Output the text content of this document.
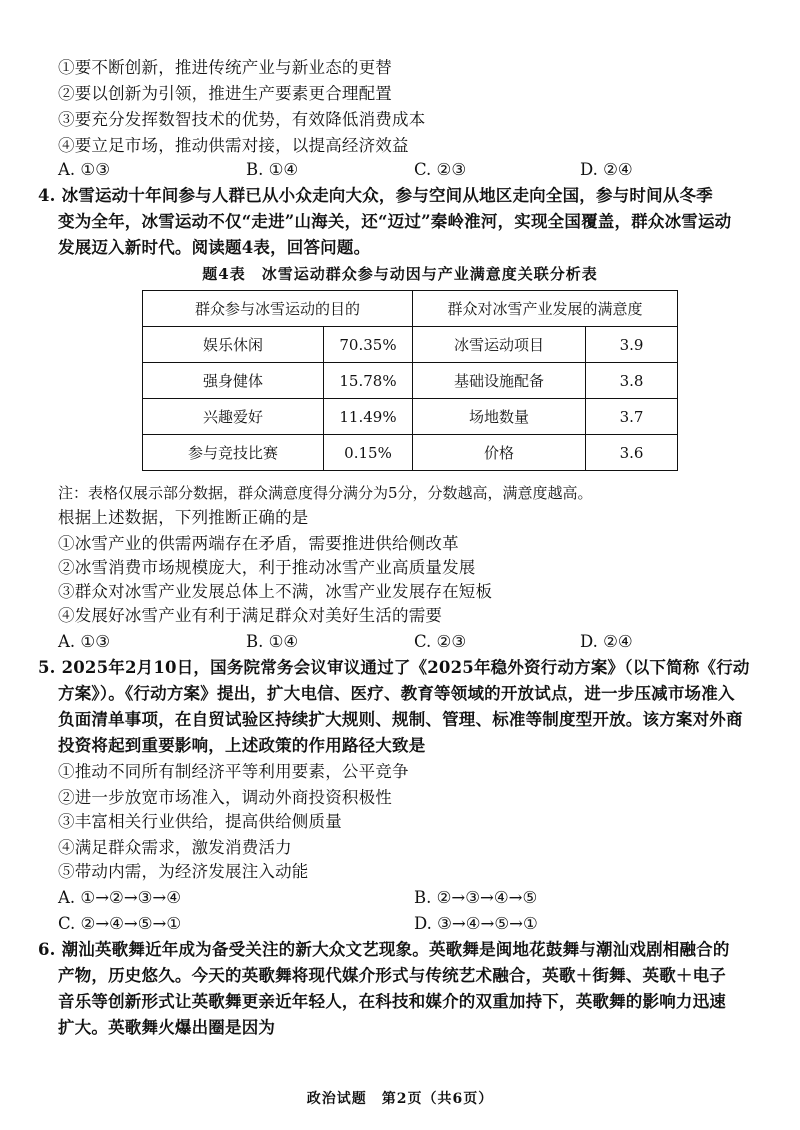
①要不断创新，推进传统产业与新业态的更替
②要以创新为引领，推进生产要素更合理配置
③要充分发挥数智技术的优势，有效降低消费成本
④要立足市场，推动供需对接，以提高经济效益
A. ①③	B. ①④	C. ②③	D. ②④
4. 冰雪运动十年间参与人群已从小众走向大众，参与空间从地区走向全国，参与时间从冬季
变为全年，冰雪运动不仅“走进”山海关，还“迈过”秦岭淮河，实现全国覆盖，群众冰雪运动
发展迈入新时代。阅读题4表，回答问题。
题4表　冰雪运动群众参与动因与产业满意度关联分析表
群众参与冰雪运动的目的		群众对冰雪产业发展的满意度	
娱乐休闲	70.35%	冰雪运动项目	3.9
强身健体	15.78%	基础设施配备	3.8
兴趣爱好	11.49%	场地数量	3.7
参与竞技比赛	0.15%	价格	3.6
注：表格仅展示部分数据，群众满意度得分满分为5分，分数越高，满意度越高。
根据上述数据，下列推断正确的是
①冰雪产业的供需两端存在矛盾，需要推进供给侧改革
②冰雪消费市场规模庞大，利于推动冰雪产业高质量发展
③群众对冰雪产业发展总体上不满，冰雪产业发展存在短板
④发展好冰雪产业有利于满足群众对美好生活的需要
A. ①③	B. ①④	C. ②③	D. ②④
5. 2025年2月10日，国务院常务会议审议通过了《2025年稳外资行动方案》（以下简称《行动
方案》）。《行动方案》提出，扩大电信、医疗、教育等领域的开放试点，进一步压减市场准入
负面清单事项，在自贸试验区持续扩大规则、规制、管理、标准等制度型开放。该方案对外商
投资将起到重要影响，上述政策的作用路径大致是
①推动不同所有制经济平等利用要素，公平竞争
②进一步放宽市场准入，调动外商投资积极性
③丰富相关行业供给，提高供给侧质量
④满足群众需求，激发消费活力
⑤带动内需，为经济发展注入动能
A. ①→②→③→④	B. ②→③→④→⑤
C. ②→④→⑤→①	D. ③→④→⑤→①
6. 潮汕英歌舞近年成为备受关注的新大众文艺现象。英歌舞是闽地花鼓舞与潮汕戏剧相融合的
产物，历史悠久。今天的英歌舞将现代媒介形式与传统艺术融合，英歌＋街舞、英歌＋电子
音乐等创新形式让英歌舞更亲近年轻人，在科技和媒介的双重加持下，英歌舞的影响力迅速
扩大。英歌舞火爆出圈是因为
政治试题　第2页（共6页）
